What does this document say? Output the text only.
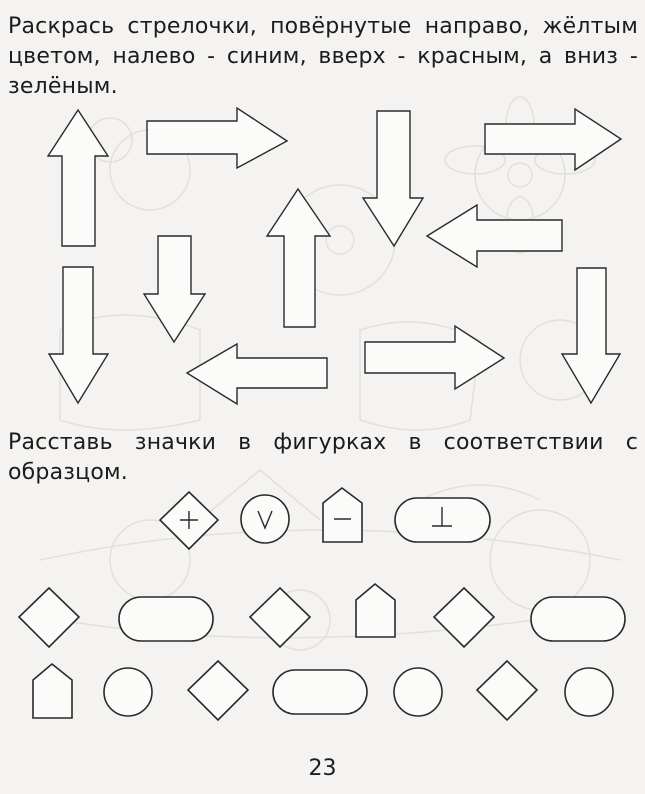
Раскрась стрелочки, повёрнутые направо, жёлтым цветом, налево - синим, вверх - красным, а вниз - зелёным.

Расставь значки в фигурках в соответствии с образцом.

23
